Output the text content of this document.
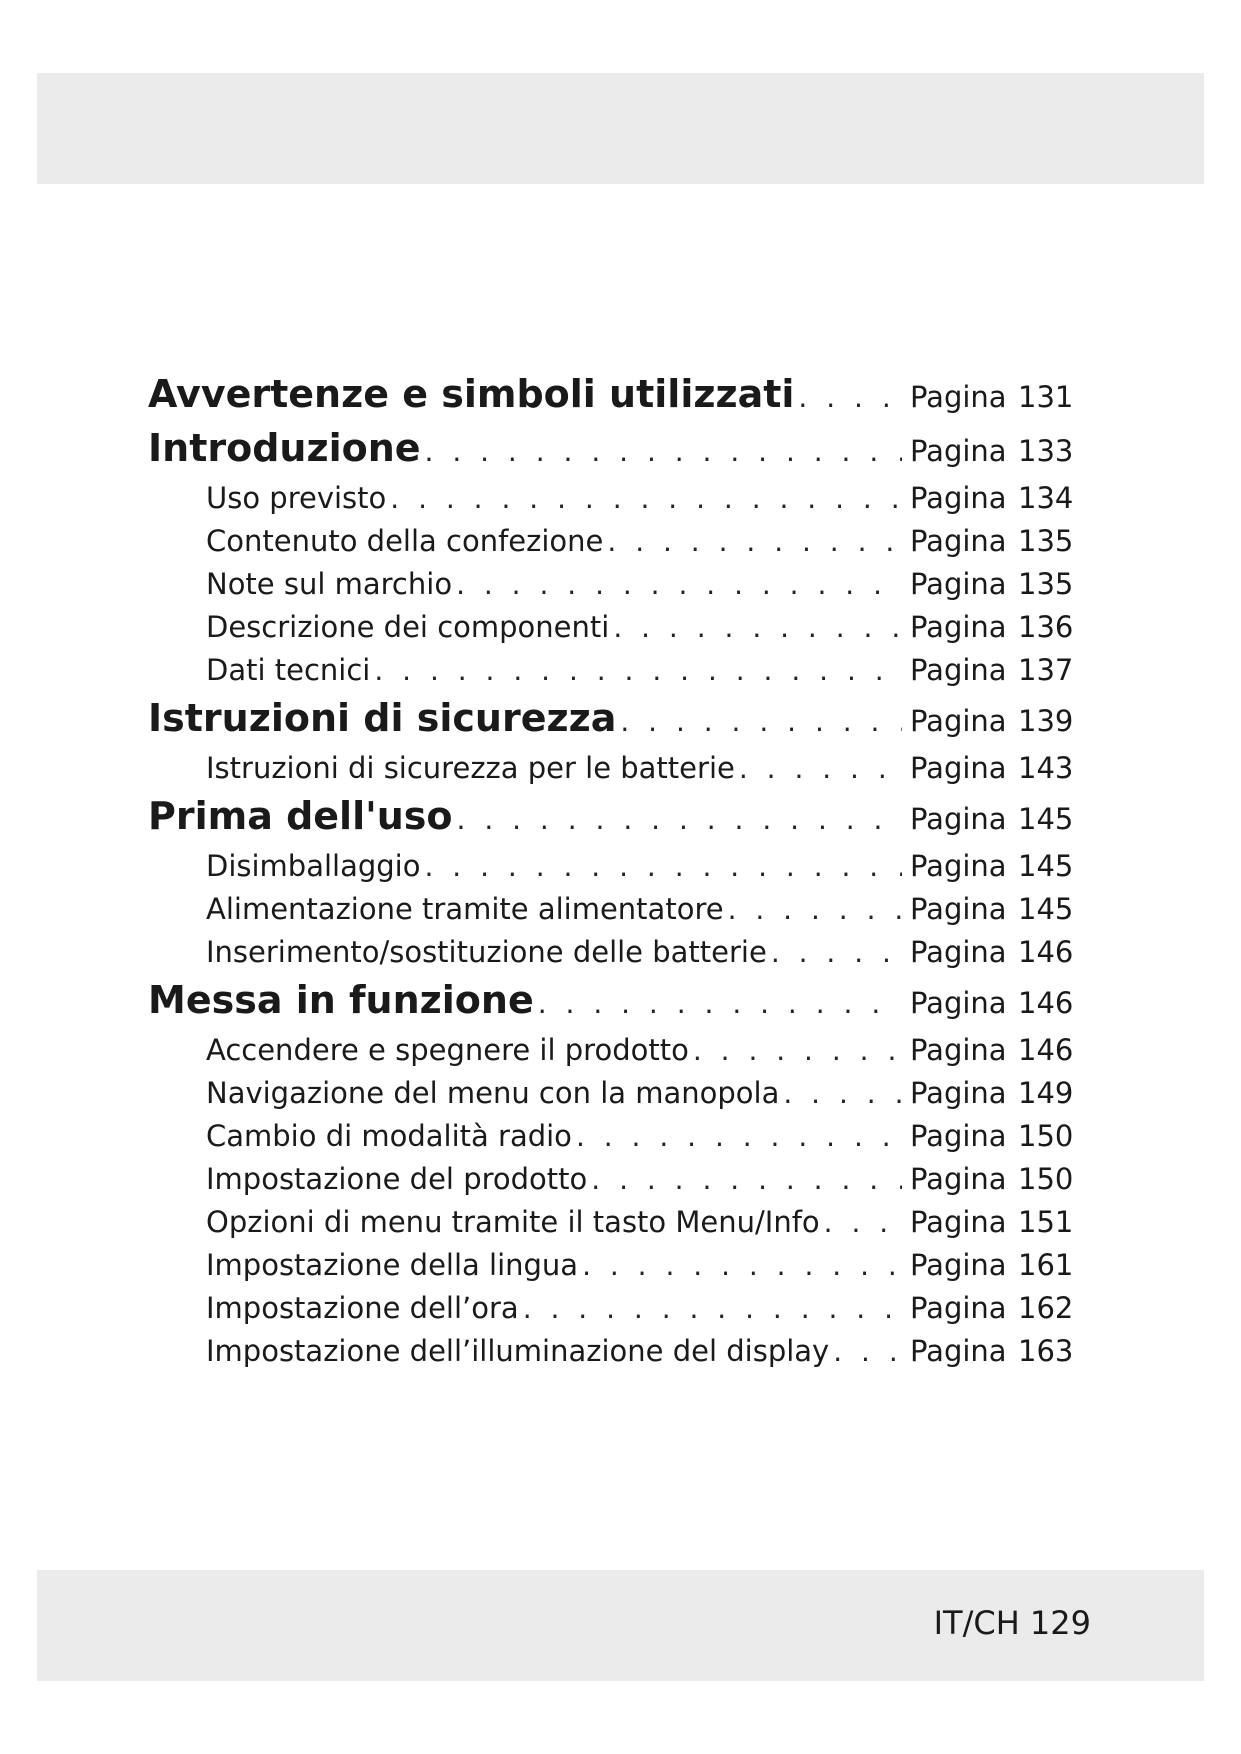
Avvertenze e simboli utilizzati . . .	Pagina 131
Introduzione . . .	Pagina 133
Uso previsto . . .	Pagina 134
Contenuto della confezione . . .	Pagina 135
Note sul marchio . . .	Pagina 135
Descrizione dei componenti . . .	Pagina 136
Dati tecnici . . .	Pagina 137
Istruzioni di sicurezza . . .	Pagina 139
Istruzioni di sicurezza per le batterie . . .	Pagina 143
Prima dell'uso . . .	Pagina 145
Disimballaggio . . .	Pagina 145
Alimentazione tramite alimentatore . . .	Pagina 145
Inserimento/sostituzione delle batterie . . .	Pagina 146
Messa in funzione . . .	Pagina 146
Accendere e spegnere il prodotto . . .	Pagina 146
Navigazione del menu con la manopola . . .	Pagina 149
Cambio di modalità radio . . .	Pagina 150
Impostazione del prodotto . . .	Pagina 150
Opzioni di menu tramite il tasto Menu/Info . . .	Pagina 151
Impostazione della lingua . . .	Pagina 161
Impostazione dell’ora . . .	Pagina 162
Impostazione dell’illuminazione del display . . .	Pagina 163
IT/CH 129
